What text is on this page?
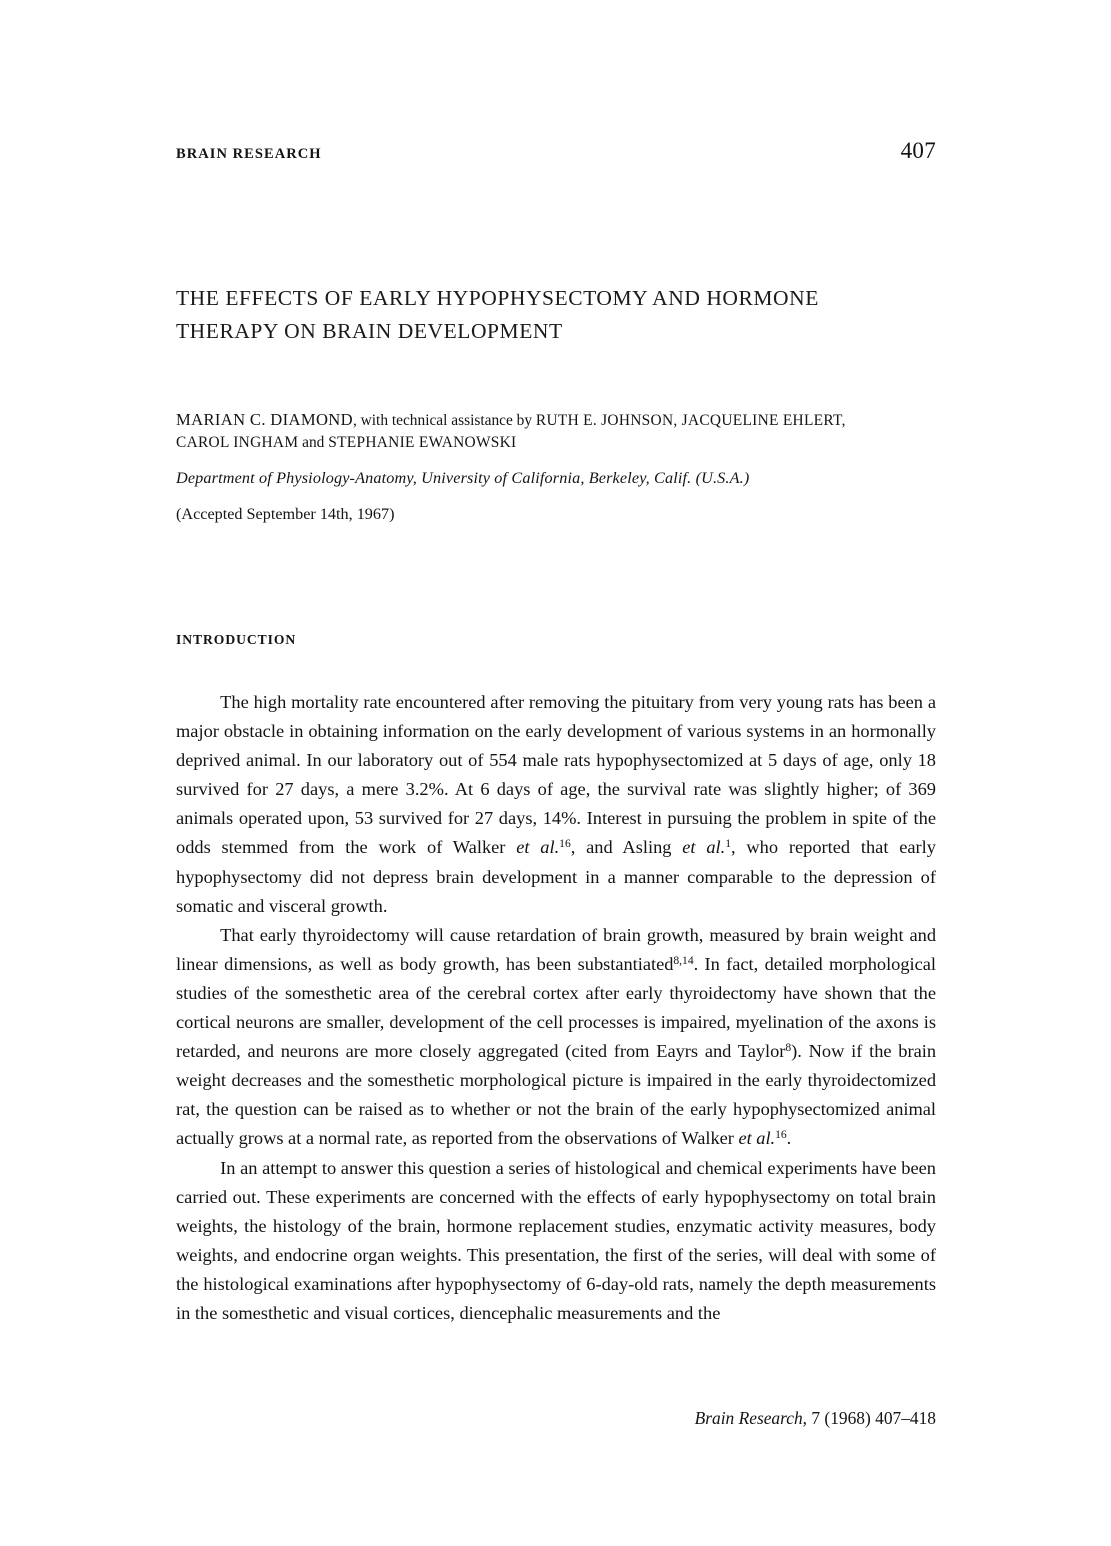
BRAIN RESEARCH	407
THE EFFECTS OF EARLY HYPOPHYSECTOMY AND HORMONE
THERAPY ON BRAIN DEVELOPMENT
MARIAN C. DIAMOND, with technical assistance by RUTH E. JOHNSON, JACQUELINE EHLERT,
CAROL INGHAM and STEPHANIE EWANOWSKI
Department of Physiology-Anatomy, University of California, Berkeley, Calif. (U.S.A.)
(Accepted September 14th, 1967)
INTRODUCTION

The high mortality rate encountered after removing the pituitary from very young rats has been a major obstacle in obtaining information on the early development of various systems in an hormonally deprived animal. In our laboratory out of 554 male rats hypophysectomized at 5 days of age, only 18 survived for 27 days, a mere 3.2%. At 6 days of age, the survival rate was slightly higher; of 369 animals operated upon, 53 survived for 27 days, 14%. Interest in pursuing the problem in spite of the odds stemmed from the work of Walker et al.$^{16}$, and Asling et al.$^1$, who reported that early hypophysectomy did not depress brain development in a manner comparable to the depression of somatic and visceral growth.

That early thyroidectomy will cause retardation of brain growth, measured by brain weight and linear dimensions, as well as body growth, has been substantiated$^{8,14}$. In fact, detailed morphological studies of the somesthetic area of the cerebral cortex after early thyroidectomy have shown that the cortical neurons are smaller, development of the cell processes is impaired, myelination of the axons is retarded, and neurons are more closely aggregated (cited from Eayrs and Taylor$^8$). Now if the brain weight decreases and the somesthetic morphological picture is impaired in the early thyroidectomized rat, the question can be raised as to whether or not the brain of the early hypophysectomized animal actually grows at a normal rate, as reported from the observations of Walker et al.$^{16}$.

In an attempt to answer this question a series of histological and chemical experiments have been carried out. These experiments are concerned with the effects of early hypophysectomy on total brain weights, the histology of the brain, hormone replacement studies, enzymatic activity measures, body weights, and endocrine organ weights. This presentation, the first of the series, will deal with some of the histological examinations after hypophysectomy of 6-day-old rats, namely the depth measurements in the somesthetic and visual cortices, diencephalic measurements and the

Brain Research, 7 (1968) 407–418
